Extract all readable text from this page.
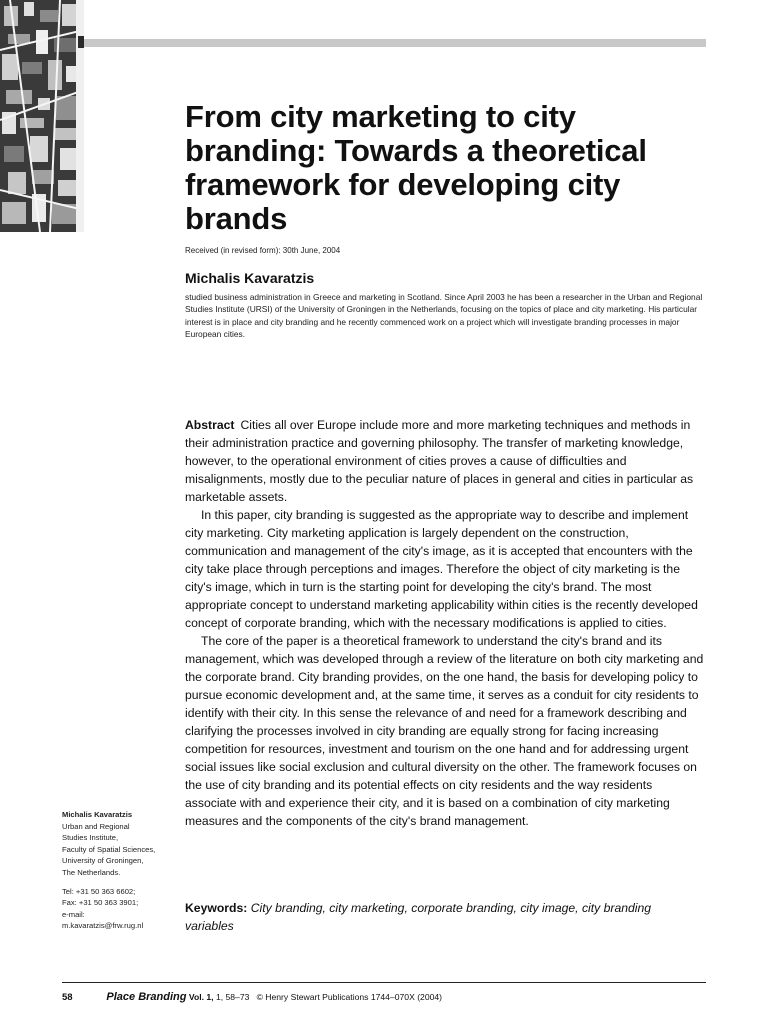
From city marketing to city branding: Towards a theoretical framework for developing city brands
Received (in revised form): 30th June, 2004
Michalis Kavaratzis

studied business administration in Greece and marketing in Scotland. Since April 2003 he has been a researcher in the Urban and Regional Studies Institute (URSI) of the University of Groningen in the Netherlands, focusing on the topics of place and city marketing. His particular interest is in place and city branding and he recently commenced work on a project which will investigate branding processes in major European cities.

Abstract Cities all over Europe include more and more marketing techniques and methods in their administration practice and governing philosophy. The transfer of marketing knowledge, however, to the operational environment of cities proves a cause of difficulties and misalignments, mostly due to the peculiar nature of places in general and cities in particular as marketable assets.

In this paper, city branding is suggested as the appropriate way to describe and implement city marketing. City marketing application is largely dependent on the construction, communication and management of the city's image, as it is accepted that encounters with the city take place through perceptions and images. Therefore the object of city marketing is the city's image, which in turn is the starting point for developing the city's brand. The most appropriate concept to understand marketing applicability within cities is the recently developed concept of corporate branding, which with the necessary modifications is applied to cities.

The core of the paper is a theoretical framework to understand the city's brand and its management, which was developed through a review of the literature on both city marketing and the corporate brand. City branding provides, on the one hand, the basis for developing policy to pursue economic development and, at the same time, it serves as a conduit for city residents to identify with their city. In this sense the relevance of and need for a framework describing and clarifying the processes involved in city branding are equally strong for facing increasing competition for resources, investment and tourism on the one hand and for addressing urgent social issues like social exclusion and cultural diversity on the other. The framework focuses on the use of city branding and its potential effects on city residents and the way residents associate with and experience their city, and it is based on a combination of city marketing measures and the components of the city's brand management.

Keywords: City branding, city marketing, corporate branding, city image, city branding variables
Michalis Kavaratzis
Urban and Regional
Studies Institute,
Faculty of Spatial Sciences,
University of Groningen,
The Netherlands.
Tel: +31 50 363 6602;
Fax: +31 50 363 3901;
e-mail:
m.kavaratzis@frw.rug.nl
58	Place Branding Vol. 1, 1, 58–73 © Henry Stewart Publications 1744–070X (2004)
